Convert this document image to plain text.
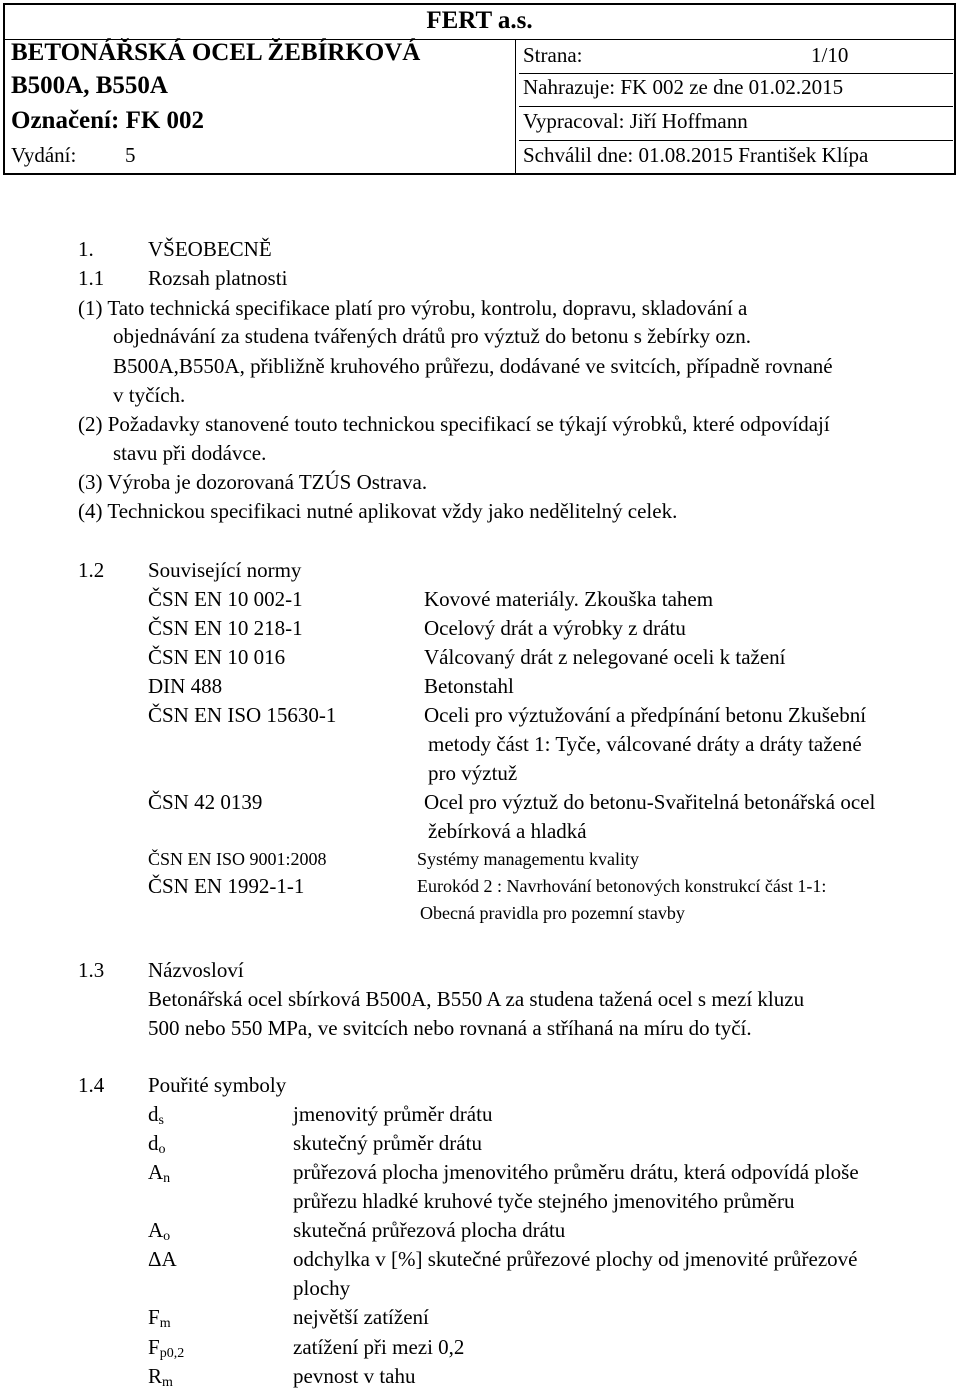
FERT a.s.
BETONÁŘSKÁ OCEL ŽEBÍRKOVÁ
B500A, B550A
Označení: FK 002
Vydání: 5
Strana:	1/10
Nahrazuje: FK 002 ze dne 01.02.2015
Vypracoval: Jiří Hoffmann
Schválil dne: 01.08.2015 František Klípa
1.	VŠEOBECNĚ
1.1 Rozsah platnosti
(1) Tato technická specifikace platí pro výrobu, kontrolu, dopravu, skladování a
objednávání za studena tvářených drátů pro výztuž do betonu s žebírky ozn.
B500A,B550A, přibližně kruhového průřezu, dodávané ve svitcích, případně rovnané
v tyčích.
(2) Požadavky stanovené touto technickou specifikací se týkají výrobků, které odpovídají
stavu při dodávce.
(3) Výroba je dozorovaná TZÚS Ostrava.
(4) Technickou specifikaci nutné aplikovat vždy jako nedělitelný celek.
1.2 Související normy
ČSN EN 10 002-1	Kovové materiály. Zkouška tahem
ČSN EN 10 218-1	Ocelový drát a výrobky z drátu
ČSN EN 10 016	Válcovaný drát z nelegované oceli k tažení
DIN 488	Betonstahl
ČSN EN ISO 15630-1	Oceli pro výztužování a předpínání betonu Zkušební
metody část 1: Tyče, válcované dráty a dráty tažené
pro výztuž
ČSN 42 0139	Ocel pro výztuž do betonu-Svařitelná betonářská ocel
žebírková a hladká
ČSN EN ISO 9001:2008	Systémy managementu kvality
ČSN EN 1992-1-1	Eurokód 2 : Navrhování betonových konstrukcí část 1-1:
Obecná pravidla pro pozemní stavby
1.3 Názvosloví
Betonářská ocel sbírková B500A, B550 A za studena tažená ocel s mezí kluzu
500 nebo 550 MPa, ve svitcích nebo rovnaná a stříhaná na míru do tyčí.
1.4 Pouřité symboly
$d_s$	jmenovitý průměr drátu
$d_o$	skutečný průměr drátu
$A_n$	průřezová plocha jmenovitého průměru drátu, která odpovídá ploše
průřezu hladké kruhové tyče stejného jmenovitého průměru
$A_o$	skutečná průřezová plocha drátu
ΔA	odchylka v [%] skutečné průřezové plochy od jmenovité průřezové
plochy
$F_m$	největší zatížení
$F_{p0,2}$	zatížení při mezi 0,2
$R_m$	pevnost v tahu
